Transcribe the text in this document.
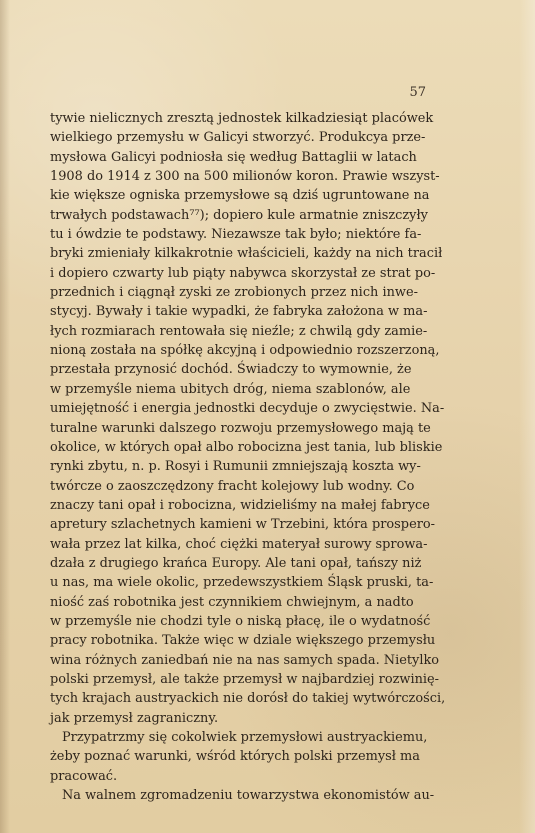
57
tywie nielicznych zresztą jednostek kilkadziesiąt placówek
wielkiego przemysłu w Galicyi stworzyć. Produkcya prze-
mysłowa Galicyi podniosła się według Battaglii w latach
1908 do 1914 z 300 na 500 milionów koron. Prawie wszyst-
kie większe ogniska przemysłowe są dziś ugruntowane na
trwałych podstawach⁷⁷); dopiero kule armatnie zniszczyły
tu i ówdzie te podstawy. Niezawsze tak było; niektóre fa-
bryki zmieniały kilkakrotnie właścicieli, każdy na nich tracił
i dopiero czwarty lub piąty nabywca skorzystał ze strat po-
przednich i ciągnął zyski ze zrobionych przez nich inwe-
stycyj. Bywały i takie wypadki, że fabryka założona w ma-
łych rozmiarach rentowała się nieźle; z chwilą gdy zamie-
nioną została na spółkę akcyjną i odpowiednio rozszerzoną,
przestała przynosić dochód. Świadczy to wymownie, że
w przemyśle niema ubitych dróg, niema szablonów, ale
umiejętność i energia jednostki decyduje o zwycięstwie. Na-
turalne warunki dalszego rozwoju przemysłowego mają te
okolice, w których opał albo robocizna jest tania, lub bliskie
rynki zbytu, n. p. Rosyi i Rumunii zmniejszają koszta wy-
twórcze o zaoszczędzony fracht kolejowy lub wodny. Co
znaczy tani opał i robocizna, widzieliśmy na małej fabryce
apretury szlachetnych kamieni w Trzebini, która prospero-
wała przez lat kilka, choć ciężki materyał surowy sprowa-
dzała z drugiego krańca Europy. Ale tani opał, tańszy niż
u nas, ma wiele okolic, przedewszystkiem Śląsk pruski, ta-
niość zaś robotnika jest czynnikiem chwiejnym, a nadto
w przemyśle nie chodzi tyle o niską płacę, ile o wydatność
pracy robotnika. Także więc w dziale większego przemysłu
wina różnych zaniedbań nie na nas samych spada. Nietylko
polski przemysł, ale także przemysł w najbardziej rozwinię-
tych krajach austryackich nie dorósł do takiej wytwórczości,
jak przemysł zagraniczny.
Przypatrzmy się cokolwiek przemysłowi austryackiemu,
żeby poznać warunki, wśród których polski przemysł ma
pracować.
Na walnem zgromadzeniu towarzystwa ekonomistów au-
